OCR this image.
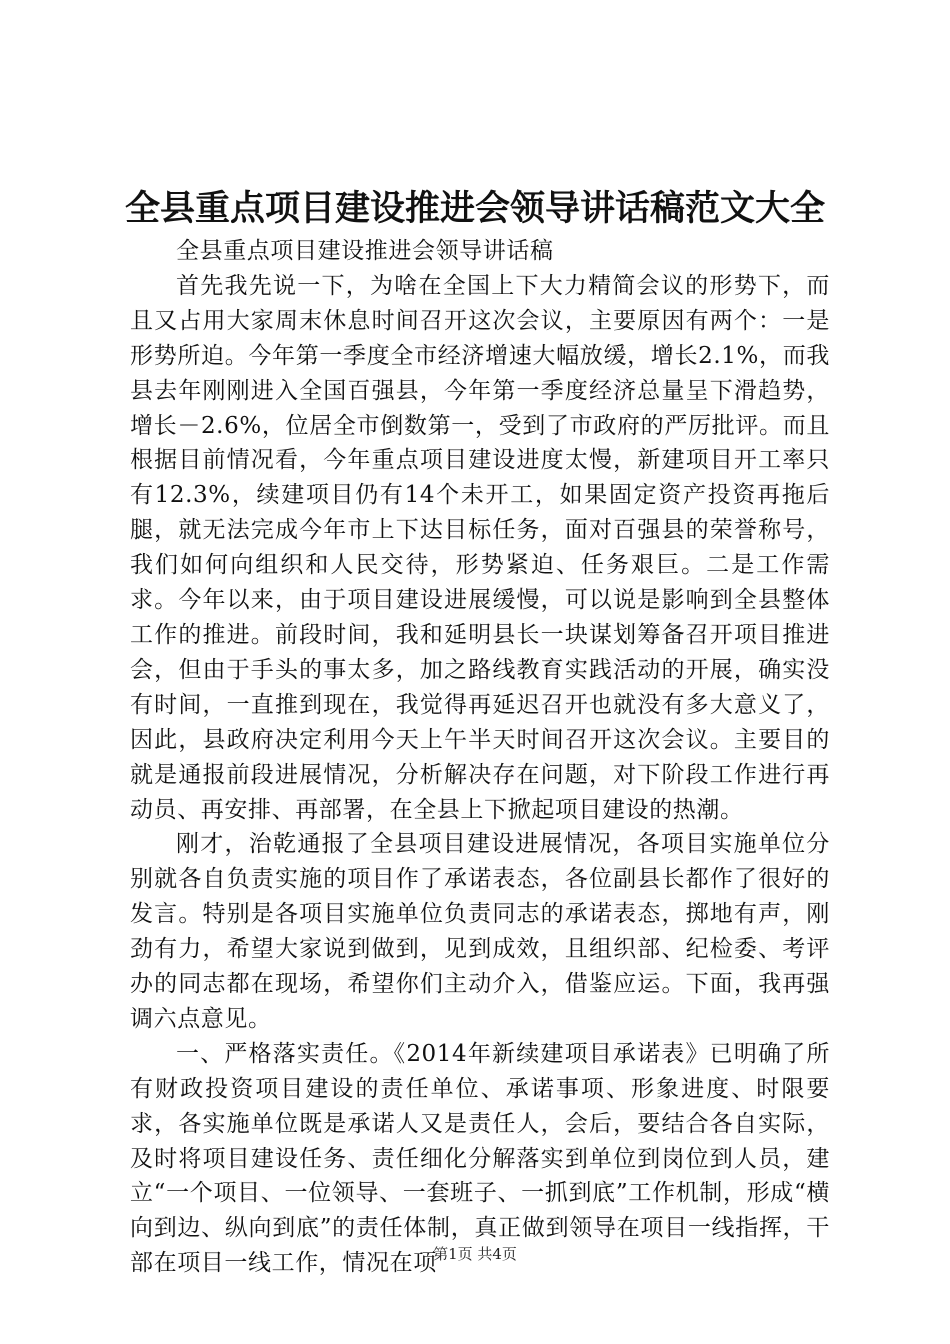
全县重点项目建设推进会领导讲话稿范文大全

全县重点项目建设推进会领导讲话稿

首先我先说一下，为啥在全国上下大力精简会议的形势下，而且又占用大家周末休息时间召开这次会议，主要原因有两个：一是形势所迫。今年第一季度全市经济增速大幅放缓，增长2.1%，而我县去年刚刚进入全国百强县，今年第一季度经济总量呈下滑趋势，增长－2.6%，位居全市倒数第一，受到了市政府的严厉批评。而且根据目前情况看，今年重点项目建设进度太慢，新建项目开工率只有12.3%，续建项目仍有14个未开工，如果固定资产投资再拖后腿，就无法完成今年市上下达目标任务，面对百强县的荣誉称号，我们如何向组织和人民交待，形势紧迫、任务艰巨。二是工作需求。今年以来，由于项目建设进展缓慢，可以说是影响到全县整体工作的推进。前段时间，我和延明县长一块谋划筹备召开项目推进会，但由于手头的事太多，加之路线教育实践活动的开展，确实没有时间，一直推到现在，我觉得再延迟召开也就没有多大意义了，因此，县政府决定利用今天上午半天时间召开这次会议。主要目的就是通报前段进展情况，分析解决存在问题，对下阶段工作进行再动员、再安排、再部署，在全县上下掀起项目建设的热潮。

刚才，治乾通报了全县项目建设进展情况，各项目实施单位分别就各自负责实施的项目作了承诺表态，各位副县长都作了很好的发言。特别是各项目实施单位负责同志的承诺表态，掷地有声，刚劲有力，希望大家说到做到，见到成效，且组织部、纪检委、考评办的同志都在现场，希望你们主动介入，借鉴应运。下面，我再强调六点意见。

一、严格落实责任。《2014年新续建项目承诺表》已明确了所有财政投资项目建设的责任单位、承诺事项、形象进度、时限要求，各实施单位既是承诺人又是责任人，会后，要结合各自实际，及时将项目建设任务、责任细化分解落实到单位到岗位到人员，建立“一个项目、一位领导、一套班子、一抓到底”工作机制，形成“横向到边、纵向到底”的责任体制，真正做到领导在项目一线指挥，干部在项目一线工作，情况在项

第1页 共4页
